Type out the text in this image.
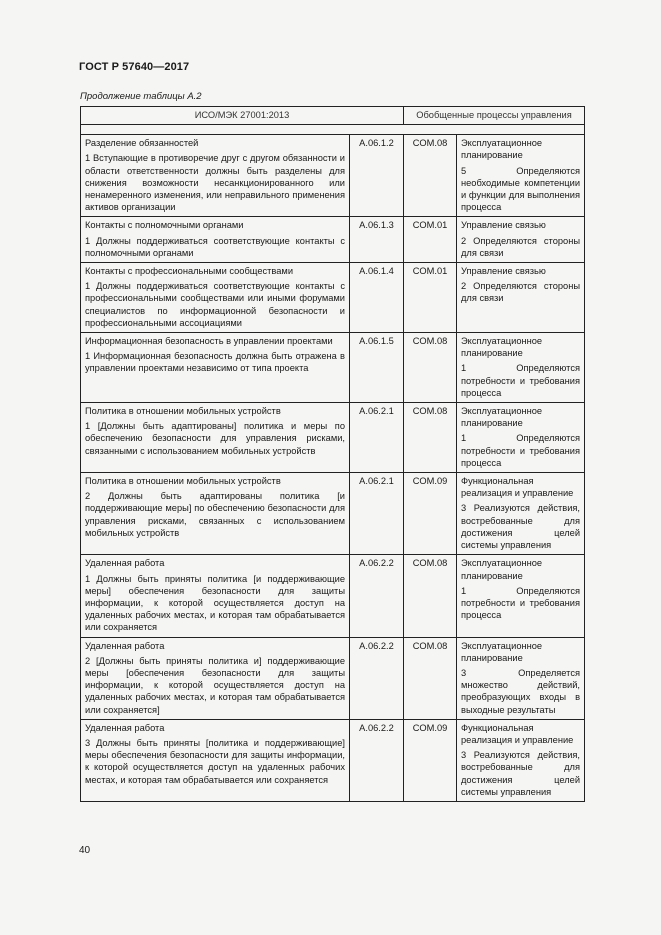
ГОСТ Р 57640—2017
Продолжение таблицы А.2
ИСО/МЭК 27001:2013		Обобщенные процессы управления	

Разделение обязанностей
1 Вступающие в противоречие друг с другом обязанности и области ответственности должны быть разделены для снижения возможности несанкционированного или ненамеренного изменения, или неправильного применения активов организации	А.06.1.2	COM.08	Эксплуатационное планирование
5 Определяются необходимые компетенции и функции для выполнения процесса

Контакты с полномочными органами
1 Должны поддерживаться соответствующие контакты с полномочными органами	А.06.1.3	COM.01	Управление связью
2 Определяются стороны для связи

Контакты с профессиональными сообществами
1 Должны поддерживаться соответствующие контакты с профессиональными сообществами или иными форумами специалистов по информационной безопасности и профессиональными ассоциациями	А.06.1.4	COM.01	Управление связью
2 Определяются стороны для связи

Информационная безопасность в управлении проектами
1 Информационная безопасность должна быть отражена в управлении проектами независимо от типа проекта	А.06.1.5	COM.08	Эксплуатационное планирование
1 Определяются потребности и требования процесса

Политика в отношении мобильных устройств
1 [Должны быть адаптированы] политика и меры по обеспечению безопасности для управления рисками, связанными с использованием мобильных устройств	А.06.2.1	COM.08	Эксплуатационное планирование
1 Определяются потребности и требования процесса

Политика в отношении мобильных устройств
2 Должны быть адаптированы политика [и поддерживающие меры] по обеспечению безопасности для управления рисками, связанных с использованием мобильных устройств	А.06.2.1	COM.09	Функциональная реализация и управление
3 Реализуются действия, востребованные для достижения целей системы управления

Удаленная работа
1 Должны быть приняты политика [и поддерживающие меры] обеспечения безопасности для защиты информации, к которой осуществляется доступ на удаленных рабочих местах, и которая там обрабатывается или сохраняется	А.06.2.2	COM.08	Эксплуатационное планирование
1 Определяются потребности и требования процесса

Удаленная работа
2 [Должны быть приняты политика и] поддерживающие меры [обеспечения безопасности для защиты информации, к которой осуществляется доступ на удаленных рабочих местах, и которая там обрабатывается или сохраняется]	А.06.2.2	COM.08	Эксплуатационное планирование
3 Определяется множество действий, преобразующих входы в выходные результаты

Удаленная работа
3 Должны быть приняты [политика и поддерживающие] меры обеспечения безопасности для защиты информации, к которой осуществляется доступ на удаленных рабочих местах, и которая там обрабатывается или сохраняется	А.06.2.2	COM.09	Функциональная реализация и управление
3 Реализуются действия, востребованные для достижения целей системы управления
40
